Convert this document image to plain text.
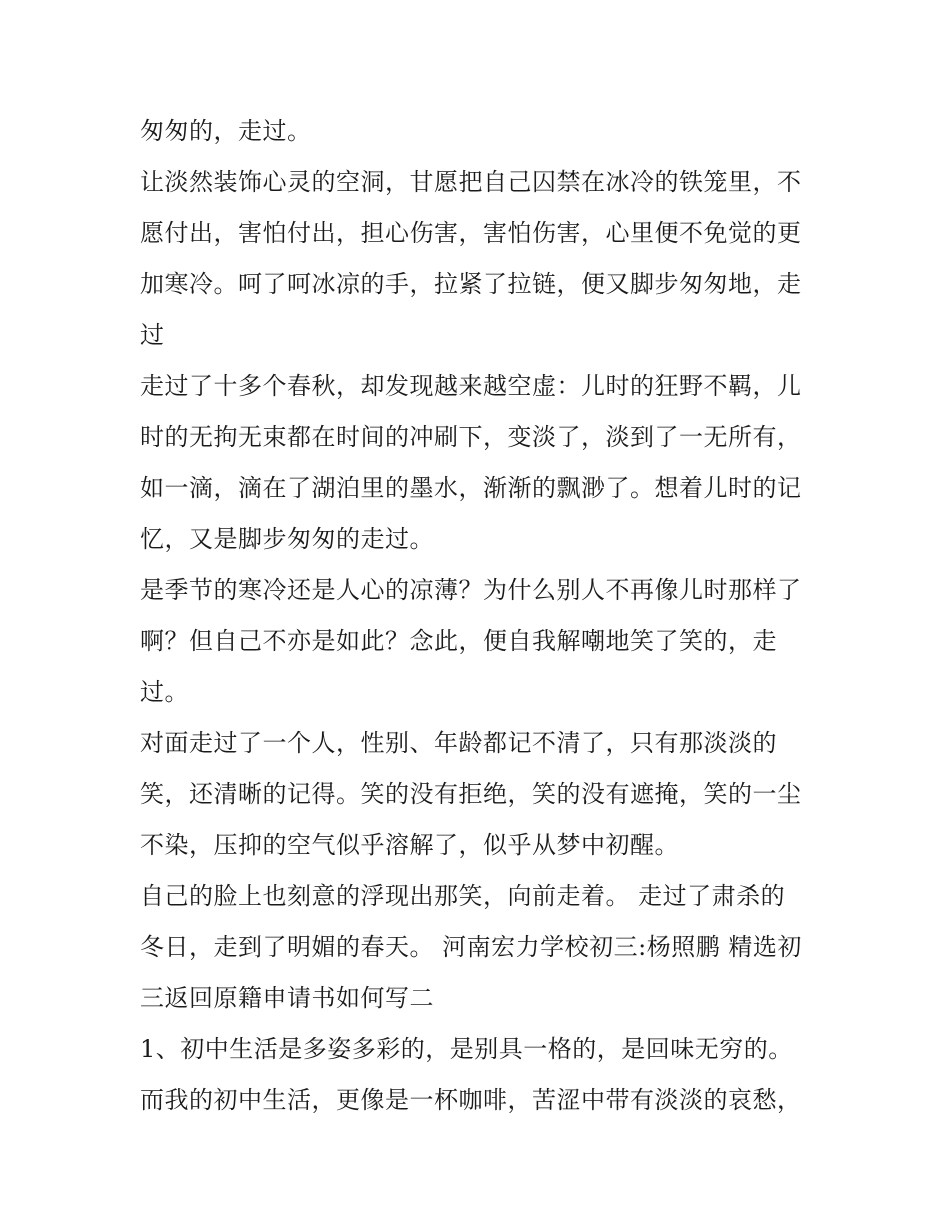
匆匆的，走过。
让淡然装饰心灵的空洞，甘愿把自己囚禁在冰冷的铁笼里，不
愿付出，害怕付出，担心伤害，害怕伤害，心里便不免觉的更
加寒冷。呵了呵冰凉的手，拉紧了拉链，便又脚步匆匆地，走
过
走过了十多个春秋，却发现越来越空虚：儿时的狂野不羁，儿
时的无拘无束都在时间的冲刷下，变淡了，淡到了一无所有，
如一滴，滴在了湖泊里的墨水，渐渐的飘渺了。想着儿时的记
忆，又是脚步匆匆的走过。
是季节的寒冷还是人心的凉薄？为什么别人不再像儿时那样了
啊？但自己不亦是如此？念此，便自我解嘲地笑了笑的，走
过。
对面走过了一个人，性别、年龄都记不清了，只有那淡淡的
笑，还清晰的记得。笑的没有拒绝，笑的没有遮掩，笑的一尘
不染，压抑的空气似乎溶解了，似乎从梦中初醒。
自己的脸上也刻意的浮现出那笑，向前走着。 走过了肃杀的
冬日，走到了明媚的春天。 河南宏力学校初三:杨照鹏 精选初
三返回原籍申请书如何写二
1、初中生活是多姿多彩的，是别具一格的，是回味无穷的。
而我的初中生活，更像是一杯咖啡，苦涩中带有淡淡的哀愁，
